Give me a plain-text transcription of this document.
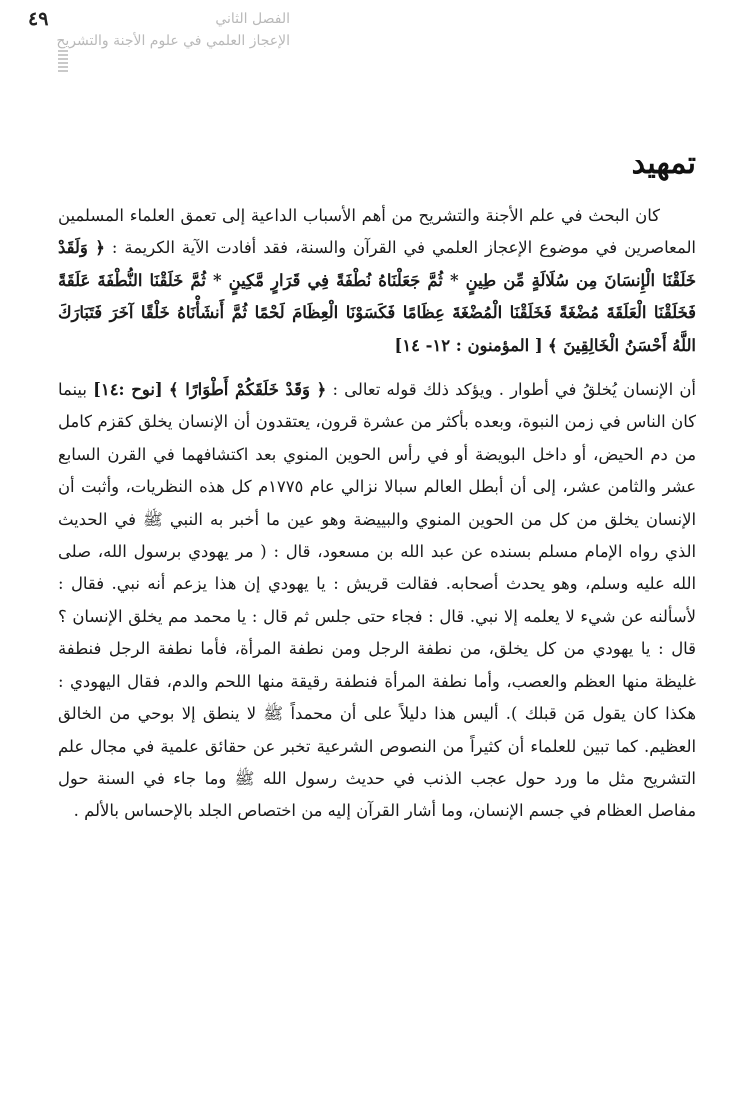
٤٩	الفصل الثاني
الإعجاز العلمي في علوم الأجنة والتشريح
تمهيد

كان البحث في علم الأجنة والتشريح من أهم الأسباب الداعية إلى تعمق العلماء المسلمين المعاصرين في موضوع الإعجاز العلمي في القرآن والسنة، فقد أفادت الآية الكريمة : ﴿ وَلَقَدْ خَلَقْنَا الْإِنسَانَ مِن سُلَالَةٍ مِّن طِينٍ * ثُمَّ جَعَلْنَاهُ نُطْفَةً فِي قَرَارٍ مَّكِينٍ * ثُمَّ خَلَقْنَا النُّطْفَةَ عَلَقَةً فَخَلَقْنَا الْعَلَقَةَ مُضْغَةً فَخَلَقْنَا الْمُضْغَةَ عِظَامًا فَكَسَوْنَا الْعِظَامَ لَحْمًا ثُمَّ أَنشَأْنَاهُ خَلْقًا آخَرَ فَتَبَارَكَ اللَّهُ أَحْسَنُ الْخَالِقِينَ ﴾ [ المؤمنون : ١٢- ١٤]

أن الإنسان يُخلقُ في أطوار . ويؤكد ذلك قوله تعالى : ﴿ وَقَدْ خَلَقَكُمْ أَطْوَارًا ﴾ [نوح :١٤] بينما كان الناس في زمن النبوة، وبعده بأكثر من عشرة قرون، يعتقدون أن الإنسان يخلق كقزم كامل من دم الحيض، أو داخل البويضة أو في رأس الحوين المنوي بعد اكتشافهما في القرن السابع عشر والثامن عشر، إلى أن أبطل العالم سبالا نزالي عام ١٧٧٥م كل هذه النظريات، وأثبت أن الإنسان يخلق من كل من الحوين المنوي والبييضة وهو عين ما أخبر به النبي ﷺ في الحديث الذي رواه الإمام مسلم بسنده عن عبد الله بن مسعود، قال : ( مر يهودي برسول الله، صلى الله عليه وسلم، وهو يحدث أصحابه. فقالت قريش : يا يهودي إن هذا يزعم أنه نبي. فقال : لأسألنه عن شيء لا يعلمه إلا نبي. قال : فجاء حتى جلس ثم قال : يا محمد مم يخلق الإنسان ؟ قال : يا يهودي من كل يخلق، من نطفة الرجل ومن نطفة المرأة، فأما نطفة الرجل فنطفة غليظة منها العظم والعصب، وأما نطفة المرأة فنطفة رقيقة منها اللحم والدم، فقال اليهودي : هكذا كان يقول مَن قبلك ). أليس هذا دليلاً على أن محمداً ﷺ لا ينطق إلا بوحي من الخالق العظيم. كما تبين للعلماء أن كثيراً من النصوص الشرعية تخبر عن حقائق علمية في مجال علم التشريح مثل ما ورد حول عجب الذنب في حديث رسول الله ﷺ وما جاء في السنة حول مفاصل العظام في جسم الإنسان، وما أشار القرآن إليه من اختصاص الجلد بالإحساس بالألم .
